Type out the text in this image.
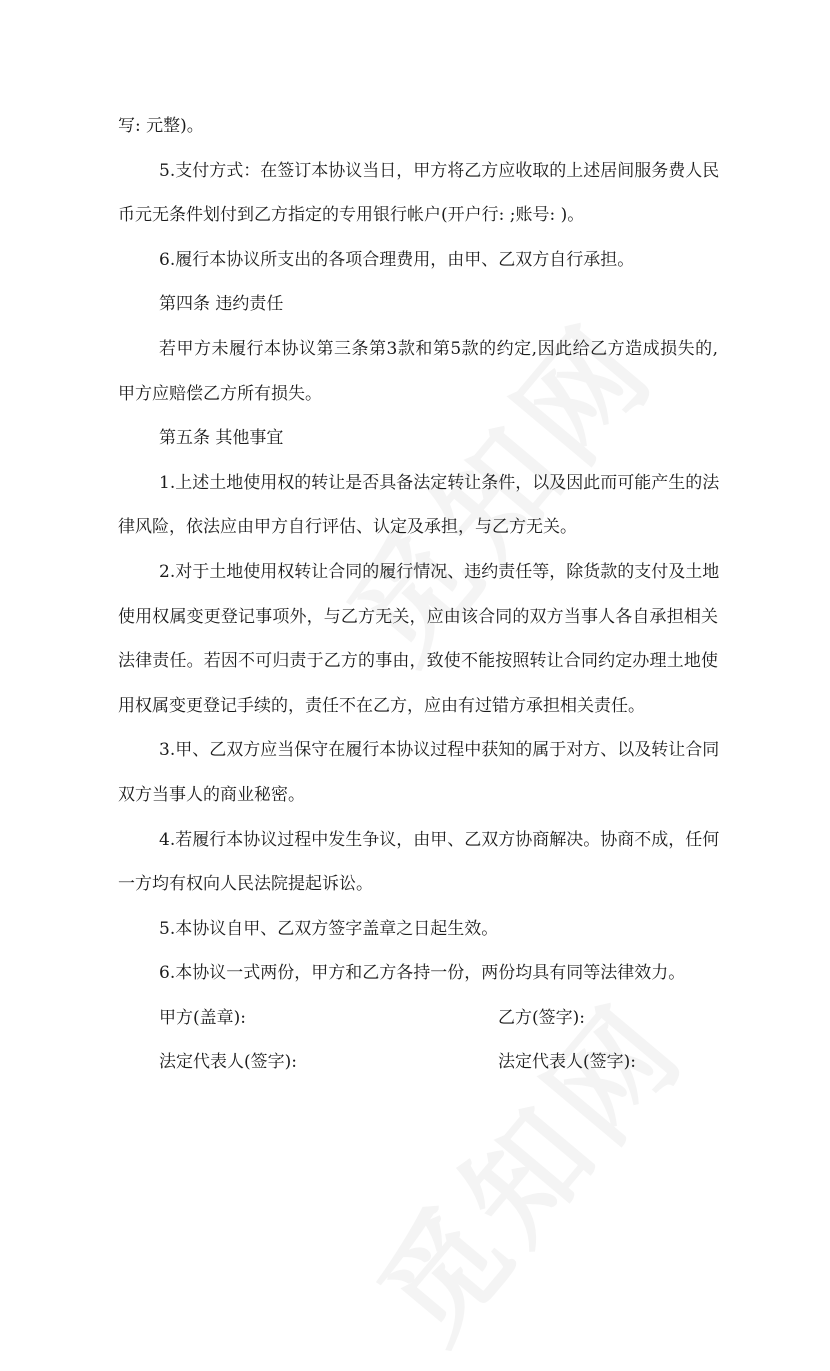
写: 元整)。
5.支付方式：在签订本协议当日，甲方将乙方应收取的上述居间服务费人民
币元无条件划付到乙方指定的专用银行帐户(开户行: ;账号: )。
6.履行本协议所支出的各项合理费用，由甲、乙双方自行承担。
第四条 违约责任
若甲方未履行本协议第三条第3款和第5款的约定,因此给乙方造成损失的,
甲方应赔偿乙方所有损失。
第五条 其他事宜
1.上述土地使用权的转让是否具备法定转让条件，以及因此而可能产生的法
律风险，依法应由甲方自行评估、认定及承担，与乙方无关。
2.对于土地使用权转让合同的履行情况、违约责任等，除货款的支付及土地
使用权属变更登记事项外，与乙方无关，应由该合同的双方当事人各自承担相关
法律责任。若因不可归责于乙方的事由，致使不能按照转让合同约定办理土地使
用权属变更登记手续的，责任不在乙方，应由有过错方承担相关责任。
3.甲、乙双方应当保守在履行本协议过程中获知的属于对方、以及转让合同
双方当事人的商业秘密。
4.若履行本协议过程中发生争议，由甲、乙双方协商解决。协商不成，任何
一方均有权向人民法院提起诉讼。
5.本协议自甲、乙双方签字盖章之日起生效。
6.本协议一式两份，甲方和乙方各持一份，两份均具有同等法律效力。
甲方(盖章):	乙方(签字):
法定代表人(签字):	法定代表人(签字):
